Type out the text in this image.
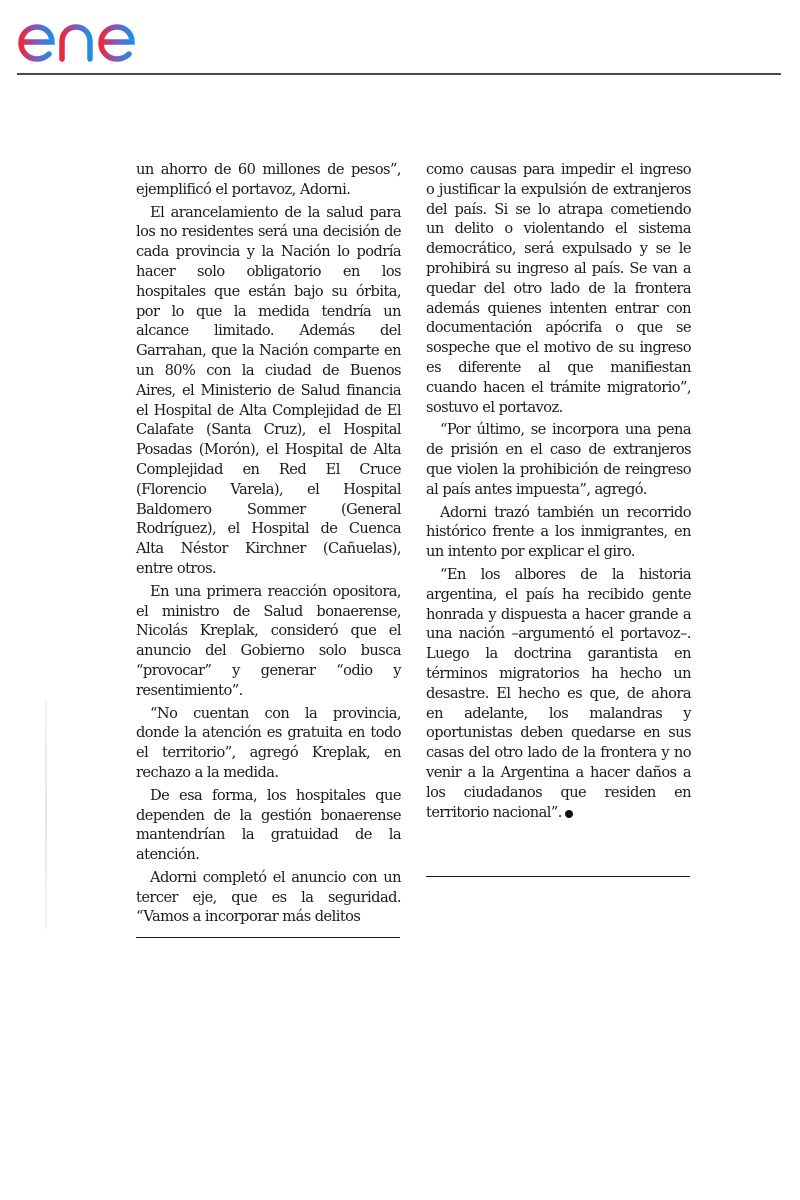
un ahorro de 60 millones de pesos”, ejemplificó el portavoz, Adorni.

El arancelamiento de la salud para los no residentes será una decisión de cada provincia y la Nación lo podría hacer solo obligatorio en los hospitales que están bajo su órbita, por lo que la medida tendría un alcance limitado. Además del Garrahan, que la Nación comparte en un 80% con la ciudad de Buenos Aires, el Ministerio de Salud financia el Hospital de Alta Complejidad de El Calafate (Santa Cruz), el Hospital Posadas (Morón), el Hospital de Alta Complejidad en Red El Cruce (Florencio Varela), el Hospital Baldomero Sommer (General Rodríguez), el Hospital de Cuenca Alta Néstor Kirchner (Cañuelas), entre otros.

En una primera reacción opositora, el ministro de Salud bonaerense, Nicolás Kreplak, consideró que el anuncio del Gobierno solo busca “provocar” y generar “odio y resentimiento”.

“No cuentan con la provincia, donde la atención es gratuita en todo el territorio”, agregó Kreplak, en rechazo a la medida.

De esa forma, los hospitales que dependen de la gestión bonaerense mantendrían la gratuidad de la atención.

Adorni completó el anuncio con un tercer eje, que es la seguridad. “Vamos a incorporar más delitos

como causas para impedir el ingreso o justificar la expulsión de extranjeros del país. Si se lo atrapa cometiendo un delito o violentando el sistema democrático, será expulsado y se le prohibirá su ingreso al país. Se van a quedar del otro lado de la frontera además quienes intenten entrar con documentación apócrifa o que se sospeche que el motivo de su ingreso es diferente al que manifiestan cuando hacen el trámite migratorio”, sostuvo el portavoz.

“Por último, se incorpora una pena de prisión en el caso de extranjeros que violen la prohibición de reingreso al país antes impuesta”, agregó.

Adorni trazó también un recorrido histórico frente a los inmigrantes, en un intento por explicar el giro.

“En los albores de la historia argentina, el país ha recibido gente honrada y dispuesta a hacer grande a una nación –argumentó el portavoz–. Luego la doctrina garantista en términos migratorios ha hecho un desastre. El hecho es que, de ahora en adelante, los malandras y oportunistas deben quedarse en sus casas del otro lado de la frontera y no venir a la Argentina a hacer daños a los ciudadanos que residen en territorio nacional”.
